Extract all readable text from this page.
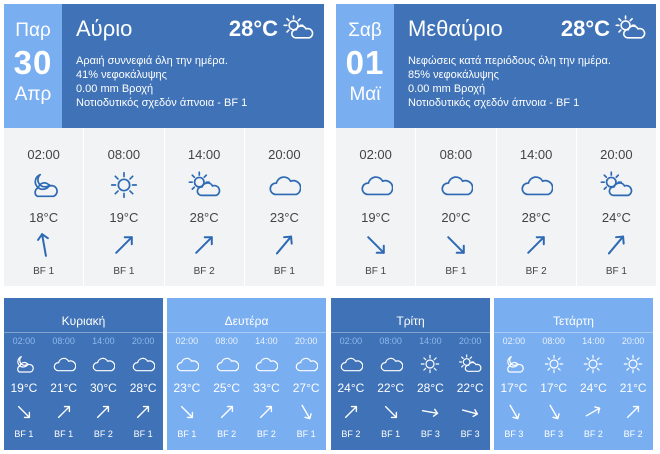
Παρ
30
Απρ
Αύριο	28°C
Αραιή συννεφιά όλη την ημέρα.
41% νεφοκάλυψης
0.00 mm Βροχή
Νοτιοδυτικός σχεδόν άπνοια - BF 1
02:00
18°C
BF 1
08:00
19°C
BF 1
14:00
28°C
BF 2
20:00
23°C
BF 1
Σαβ
01
Μαϊ
Μεθαύριο	28°C
Νεφώσεις κατά περιόδους όλη την ημέρα.
85% νεφοκάλυψης
0.00 mm Βροχή
Νοτιοδυτικός σχεδόν άπνοια - BF 1
02:00
19°C
BF 1
08:00
20°C
BF 1
14:00
28°C
BF 2
20:00
24°C
BF 1
Κυριακή
02:00
19°C
BF 1
08:00
21°C
BF 1
14:00
30°C
BF 2
20:00
28°C
BF 1
Δευτέρα
02:00
23°C
BF 1
08:00
25°C
BF 2
14:00
33°C
BF 2
20:00
27°C
BF 1
Τρίτη
02:00
24°C
BF 2
08:00
22°C
BF 1
14:00
28°C
BF 3
20:00
22°C
BF 3
Τετάρτη
02:00
17°C
BF 3
08:00
17°C
BF 3
14:00
24°C
BF 2
20:00
21°C
BF 2
